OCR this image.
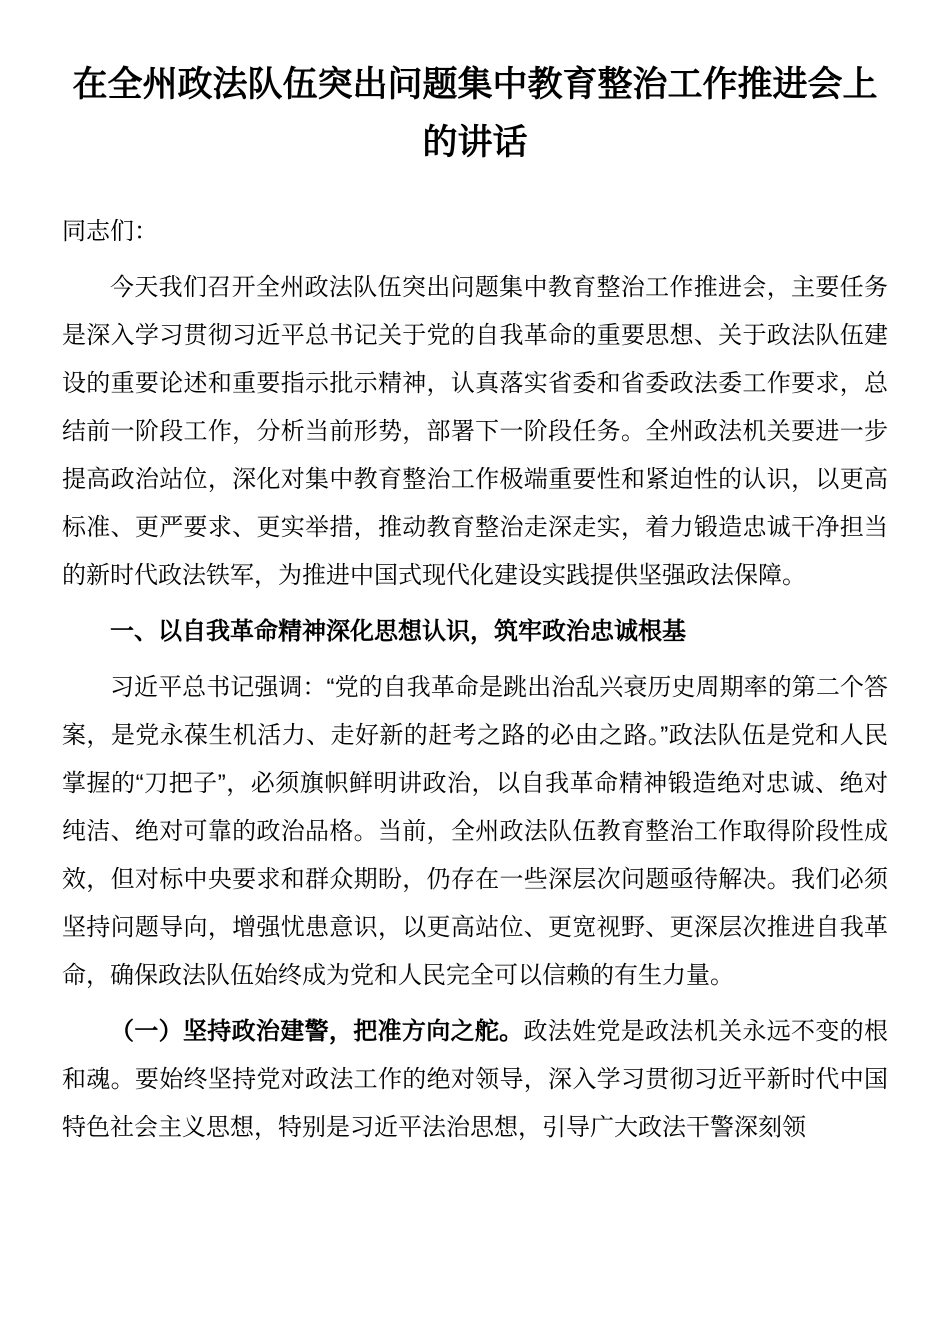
在全州政法队伍突出问题集中教育整治工作推进会上的讲话

同志们：

今天我们召开全州政法队伍突出问题集中教育整治工作推进会，主要任务是深入学习贯彻习近平总书记关于党的自我革命的重要思想、关于政法队伍建设的重要论述和重要指示批示精神，认真落实省委和省委政法委工作要求，总结前一阶段工作，分析当前形势，部署下一阶段任务。全州政法机关要进一步提高政治站位，深化对集中教育整治工作极端重要性和紧迫性的认识，以更高标准、更严要求、更实举措，推动教育整治走深走实，着力锻造忠诚干净担当的新时代政法铁军，为推进中国式现代化建设实践提供坚强政法保障。

一、以自我革命精神深化思想认识，筑牢政治忠诚根基

习近平总书记强调：“党的自我革命是跳出治乱兴衰历史周期率的第二个答案，是党永葆生机活力、走好新的赶考之路的必由之路。”政法队伍是党和人民掌握的“刀把子”，必须旗帜鲜明讲政治，以自我革命精神锻造绝对忠诚、绝对纯洁、绝对可靠的政治品格。当前，全州政法队伍教育整治工作取得阶段性成效，但对标中央要求和群众期盼，仍存在一些深层次问题亟待解决。我们必须坚持问题导向，增强忧患意识，以更高站位、更宽视野、更深层次推进自我革命，确保政法队伍始终成为党和人民完全可以信赖的有生力量。

（一）坚持政治建警，把准方向之舵。政法姓党是政法机关永远不变的根和魂。要始终坚持党对政法工作的绝对领导，深入学习贯彻习近平新时代中国特色社会主义思想，特别是习近平法治思想，引导广大政法干警深刻领
